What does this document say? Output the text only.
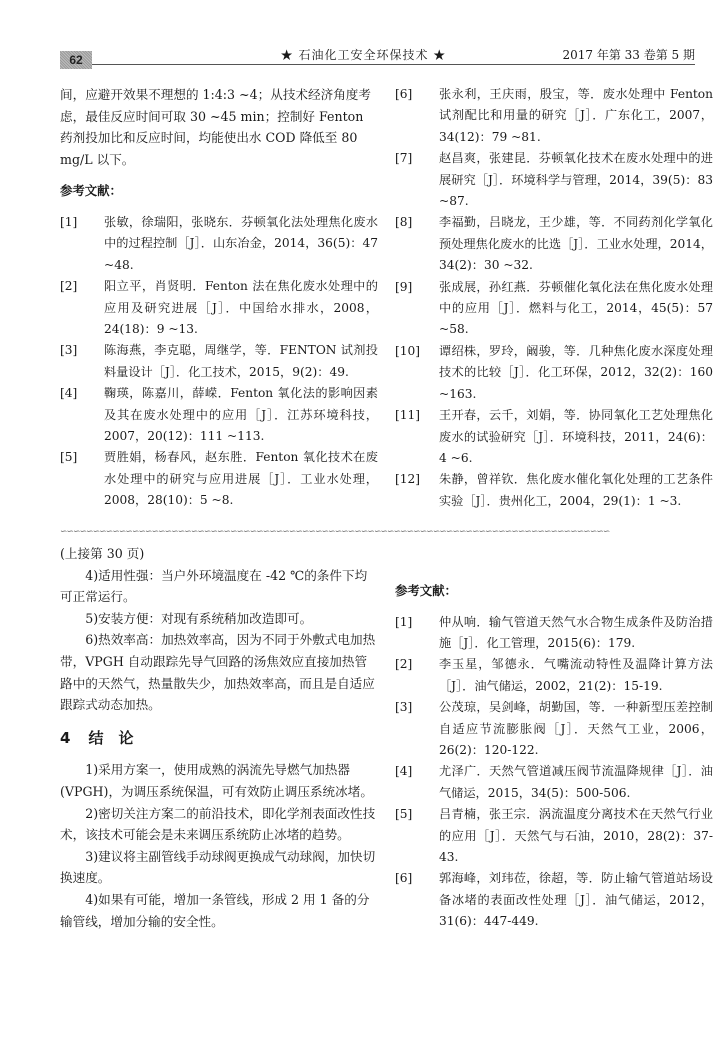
62	★ 石油化工安全环保技术 ★	2017 年第 33 卷第 5 期

间，应避开效果不理想的 1:4:3 ~4；从技术经济角度考虑，最佳反应时间可取 30 ~45 min；控制好 Fenton 药剂投加比和反应时间，均能使出水 COD 降低至 80 mg/L 以下。

参考文献：
[1]	张敏，徐瑞阳，张晓东．芬顿氧化法处理焦化废水中的过程控制［J］．山东冶金，2014，36(5)：47 ~48.
[2]	阳立平，肖贤明．Fenton 法在焦化废水处理中的应用及研究进展［J］．中国给水排水，2008，24(18)：9 ~13.
[3]	陈海燕，李克聪，周继学，等．FENTON 试剂投料量设计［J］．化工技术，2015，9(2)：49.
[4]	鞠瑛，陈嘉川，薛嵘．Fenton 氧化法的影响因素及其在废水处理中的应用［J］．江苏环境科技，2007，20(12)：111 ~113.
[5]	贾胜娟，杨春风，赵东胜．Fenton 氧化技术在废水处理中的研究与应用进展［J］．工业水处理，2008，28(10)：5 ~8.
[6]	张永利，王庆雨，殷宝，等．废水处理中 Fenton 试剂配比和用量的研究［J］．广东化工，2007，34(12)：79 ~81.
[7]	赵昌爽，张建昆．芬顿氧化技术在废水处理中的进展研究［J］．环境科学与管理，2014，39(5)：83 ~87.
[8]	李福勤，吕晓龙，王少雄，等．不同药剂化学氧化预处理焦化废水的比选［J］．工业水处理，2014，34(2)：30 ~32.
[9]	张成展，孙红燕．芬顿催化氧化法在焦化废水处理中的应用［J］．燃料与化工，2014，45(5)：57 ~58.
[10]	谭绍株，罗玲，阚骏，等．几种焦化废水深度处理技术的比较［J］．化工环保，2012，32(2)：160 ~163.
[11]	王开春，云千，刘娟，等．协同氧化工艺处理焦化废水的试验研究［J］．环境科技，2011，24(6)：4 ~6.
[12]	朱静，曾祥钦．焦化废水催化氧化处理的工艺条件实验［J］．贵州化工，2004，29(1)：1 ~3.
∽∽∽∽∽∽∽∽∽∽∽∽∽∽∽∽∽∽∽∽∽∽∽∽∽∽∽∽∽∽∽∽∽∽∽∽∽∽∽∽∽∽∽∽∽∽∽∽∽∽∽∽∽∽∽∽∽∽∽∽∽∽∽∽∽∽∽∽∽∽∽∽∽∽∽∽∽∽∽∽∽∽∽∽

(上接第 30 页)

4)适用性强：当户外环境温度在 -42 ℃的条件下均可正常运行。

5)安装方便：对现有系统稍加改造即可。

6)热效率高：加热效率高，因为不同于外敷式电加热带，VPGH 自动跟踪先导气回路的汤焦效应直接加热管路中的天然气，热量散失少，加热效率高，而且是自适应跟踪式动态加热。

4 结　论

1)采用方案一，使用成熟的涡流先导燃气加热器(VPGH)，为调压系统保温，可有效防止调压系统冰堵。

2)密切关注方案二的前沿技术，即化学剂表面改性技术，该技术可能会是未来调压系统防止冰堵的趋势。

3)建议将主副管线手动球阀更换成气动球阀，加快切换速度。

4)如果有可能，增加一条管线，形成 2 用 1 备的分输管线，增加分输的安全性。

参考文献：
[1]	仲从响．输气管道天然气水合物生成条件及防治措施［J］．化工管理，2015(6)：179.
[2]	李玉星，邹德永．气嘴流动特性及温降计算方法［J］．油气储运，2002，21(2)：15-19.
[3]	公茂琼，吴剑峰，胡勤国，等．一种新型压差控制自适应节流膨胀阀［J］．天然气工业，2006，26(2)：120-122.
[4]	尤泽广．天然气管道减压阀节流温降规律［J］．油气储运，2015，34(5)：500-506.
[5]	吕青楠，张王宗．涡流温度分离技术在天然气行业的应用［J］．天然气与石油，2010，28(2)：37-43.
[6]	郭海峰，刘玮莅，徐超，等．防止输气管道站场设备冰堵的表面改性处理［J］．油气储运，2012，31(6)：447-449.
